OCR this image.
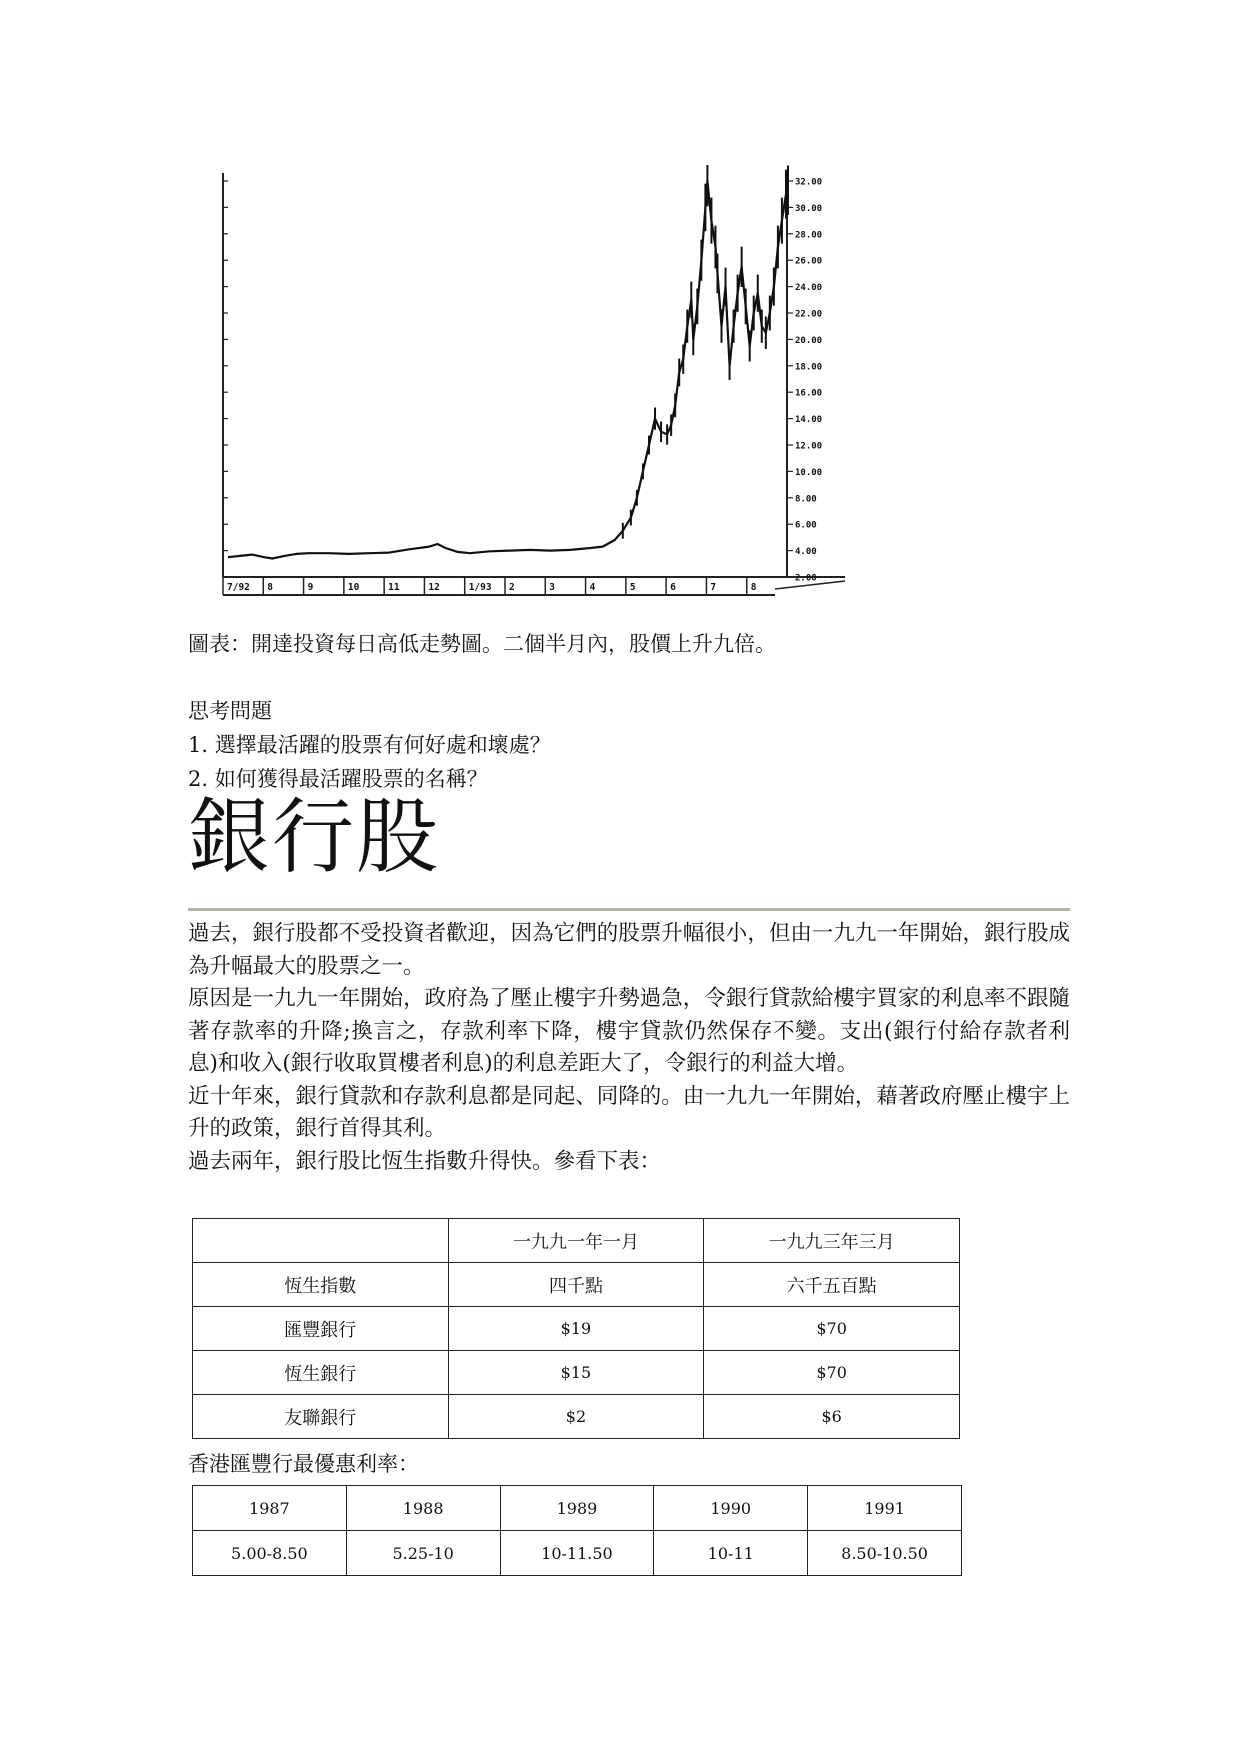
2.00
4.00
6.00
8.00
10.00
12.00
14.00
16.00
18.00
20.00
22.00
24.00
26.00
28.00
30.00
32.00
7/92 8	9	10	11	12	1/93 2	3	4	5	6	7	8
圖表：開達投資每日高低走勢圖。二個半月內，股價上升九倍。
思考問題
1. 選擇最活躍的股票有何好處和壞處？
2. 如何獲得最活躍股票的名稱？
銀行股

過去，銀行股都不受投資者歡迎，因為它們的股票升幅很小，但由一九九一年開始，銀行股成為升幅最大的股票之一。

原因是一九九一年開始，政府為了壓止樓宇升勢過急，令銀行貸款給樓宇買家的利息率不跟隨著存款率的升降;換言之，存款利率下降，樓宇貸款仍然保存不變。支出(銀行付給存款者利息)和收入(銀行收取買樓者利息)的利息差距大了，令銀行的利益大增。

近十年來，銀行貸款和存款利息都是同起、同降的。由一九九一年開始，藉著政府壓止樓宇上升的政策，銀行首得其利。

過去兩年，銀行股比恆生指數升得快。參看下表：

	一九九一年一月	一九九三年三月
恆生指數	四千點	六千五百點
匯豐銀行	$19	$70
恆生銀行	$15	$70
友聯銀行	$2	$6
香港匯豐行最優惠利率：
1987	1988	1989	1990	1991
5.00-8.50	5.25-10	10-11.50	10-11	8.50-10.50
